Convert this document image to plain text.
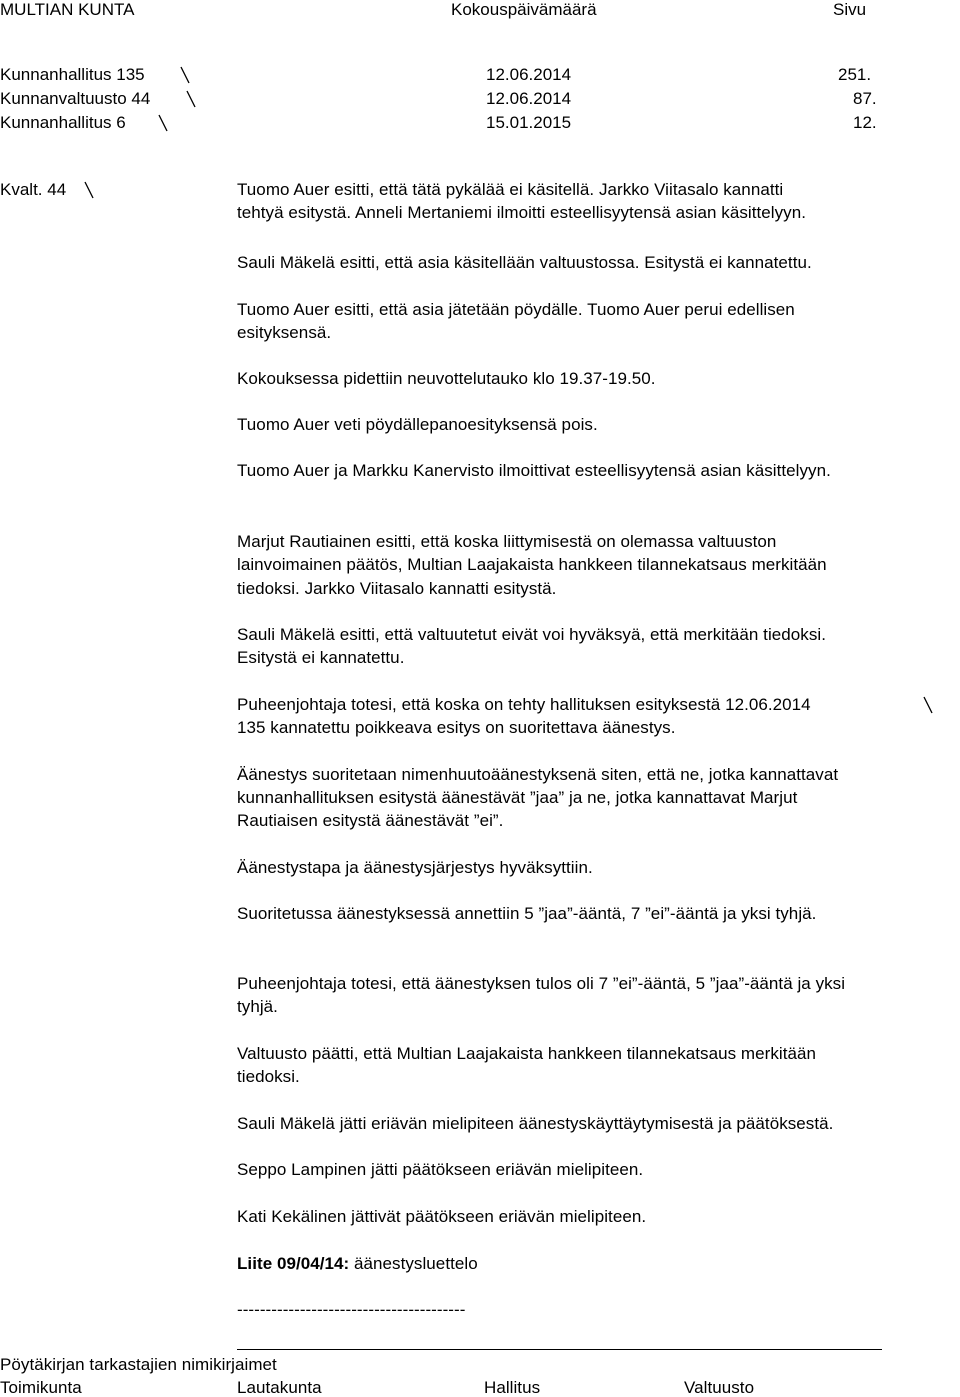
MULTIAN KUNTA	Kokouspäivämäärä	Sivu
Kunnanhallitus 135	12.06.2014	251.
Kunnanvaltuusto 44	12.06.2014	87.
Kunnanhallitus 6	15.01.2015	12.
Kvalt. 44	Tuomo Auer esitti, että tätä pykälää ei käsitellä. Jarkko Viitasalo kannatti
tehtyä esitystä. Anneli Mertaniemi ilmoitti esteellisyytensä asian käsittelyyn.
Sauli Mäkelä esitti, että asia käsitellään valtuustossa. Esitystä ei kannatettu.
Tuomo Auer esitti, että asia jätetään pöydälle. Tuomo Auer perui edellisen
esityksensä.
Kokouksessa pidettiin neuvottelutauko klo 19.37-19.50.
Tuomo Auer veti pöydällepanoesityksensä pois.
Tuomo Auer ja Markku Kanervisto ilmoittivat esteellisyytensä asian käsittelyyn.
Marjut Rautiainen esitti, että koska liittymisestä on olemassa valtuuston
lainvoimainen päätös, Multian Laajakaista hankkeen tilannekatsaus merkitään
tiedoksi. Jarkko Viitasalo kannatti esitystä.
Sauli Mäkelä esitti, että valtuutetut eivät voi hyväksyä, että merkitään tiedoksi.
Esitystä ei kannatettu.
Puheenjohtaja totesi, että koska on tehty hallituksen esityksestä 12.06.2014
135 kannatettu poikkeava esitys on suoritettava äänestys.
Äänestys suoritetaan nimenhuutoäänestyksenä siten, että ne, jotka kannattavat
kunnanhallituksen esitystä äänestävät ”jaa” ja ne, jotka kannattavat Marjut
Rautiaisen esitystä äänestävät ”ei”.
Äänestystapa ja äänestysjärjestys hyväksyttiin.
Suoritetussa äänestyksessä annettiin 5 ”jaa”-ääntä, 7 ”ei”-ääntä ja yksi tyhjä.
Puheenjohtaja totesi, että äänestyksen tulos oli 7 ”ei”-ääntä, 5 ”jaa”-ääntä ja yksi
tyhjä.
Valtuusto päätti, että Multian Laajakaista hankkeen tilannekatsaus merkitään
tiedoksi.
Sauli Mäkelä jätti eriävän mielipiteen äänestyskäyttäytymisestä ja päätöksestä.
Seppo Lampinen jätti päätökseen eriävän mielipiteen.
Kati Kekälinen jättivät päätökseen eriävän mielipiteen.
Liite 09/04/14: äänestysluettelo
----------------------------------------
Pöytäkirjan tarkastajien nimikirjaimet
Toimikunta	Lautakunta	Hallitus	Valtuusto
